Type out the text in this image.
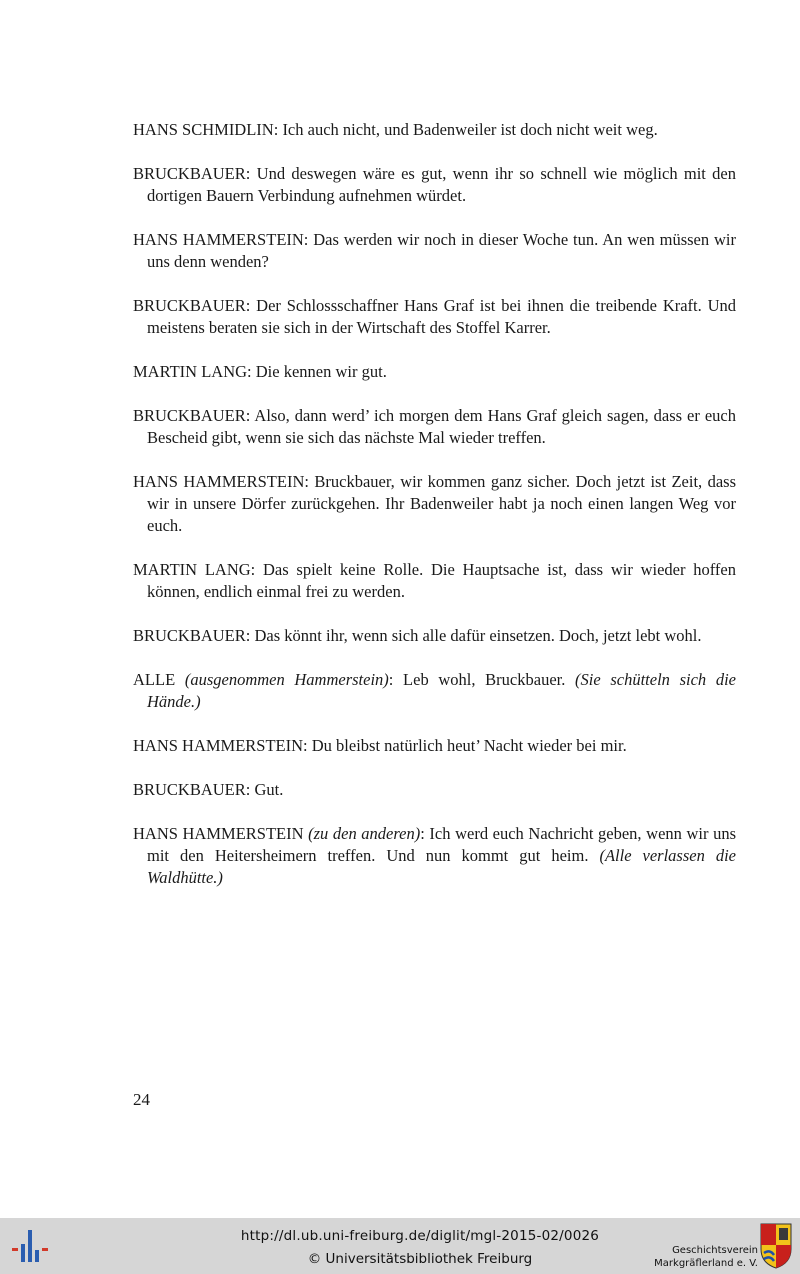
HANS SCHMIDLIN: Ich auch nicht, und Badenweiler ist doch nicht weit weg.

BRUCKBAUER: Und deswegen wäre es gut, wenn ihr so schnell wie möglich mit den dortigen Bauern Verbindung aufnehmen würdet.

HANS HAMMERSTEIN: Das werden wir noch in dieser Woche tun. An wen müssen wir uns denn wenden?

BRUCKBAUER: Der Schlossschaffner Hans Graf ist bei ihnen die treibende Kraft. Und meistens beraten sie sich in der Wirtschaft des Stoffel Karrer.

MARTIN LANG: Die kennen wir gut.

BRUCKBAUER: Also, dann werd’ ich morgen dem Hans Graf gleich sagen, dass er euch Bescheid gibt, wenn sie sich das nächste Mal wieder treffen.

HANS HAMMERSTEIN: Bruckbauer, wir kommen ganz sicher. Doch jetzt ist Zeit, dass wir in unsere Dörfer zurückgehen. Ihr Badenweiler habt ja noch einen langen Weg vor euch.

MARTIN LANG: Das spielt keine Rolle. Die Hauptsache ist, dass wir wieder hoffen können, endlich einmal frei zu werden.

BRUCKBAUER: Das könnt ihr, wenn sich alle dafür einsetzen. Doch, jetzt lebt wohl.

ALLE (ausgenommen Hammerstein): Leb wohl, Bruckbauer. (Sie schütteln sich die Hände.)

HANS HAMMERSTEIN: Du bleibst natürlich heut’ Nacht wieder bei mir.

BRUCKBAUER: Gut.

HANS HAMMERSTEIN (zu den anderen): Ich werd euch Nachricht geben, wenn wir uns mit den Heitersheimern treffen. Und nun kommt gut heim. (Alle verlassen die Waldhütte.)

24
http://dl.ub.uni-freiburg.de/diglit/mgl-2015-02/0026
© Universitätsbibliothek Freiburg
Geschichtsverein
Markgräflerland e. V.
